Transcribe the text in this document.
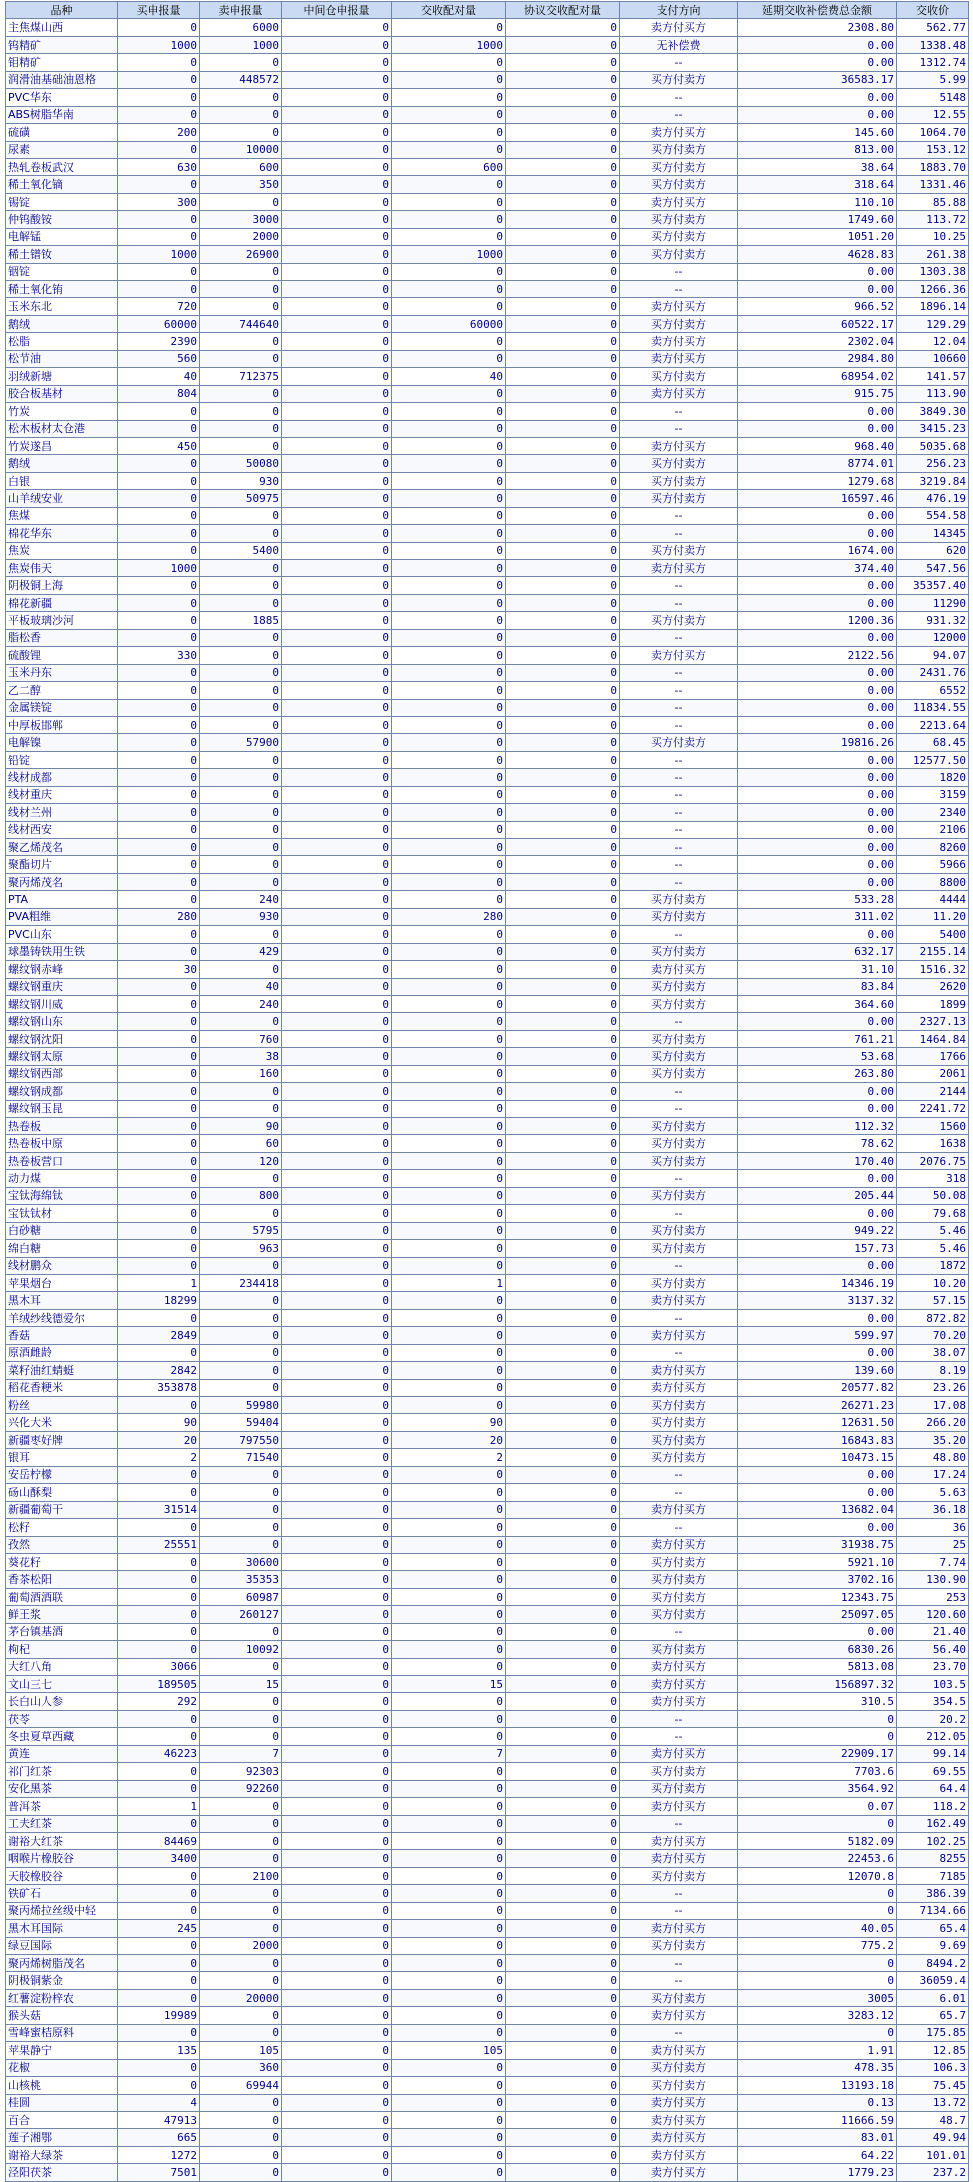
品种	买申报量	卖申报量	中间仓申报量	交收配对量	协议交收配对量	支付方向	延期交收补偿费总金额	交收价
主焦煤山西	0	6000	0	0	0	卖方付买方	2308.80	562.77
钨精矿	1000	1000	0	1000	0	无补偿费	0.00	1338.48
钼精矿	0	0	0	0	0	--	0.00	1312.74
润滑油基础油恩格	0	448572	0	0	0	买方付卖方	36583.17	5.99
PVC华东	0	0	0	0	0	--	0.00	5148
ABS树脂华南	0	0	0	0	0	--	0.00	12.55
硫磺	200	0	0	0	0	卖方付买方	145.60	1064.70
尿素	0	10000	0	0	0	买方付卖方	813.00	153.12
热轧卷板武汉	630	600	0	600	0	买方付卖方	38.64	1883.70
稀土氧化镝	0	350	0	0	0	买方付卖方	318.64	1331.46
锡锭	300	0	0	0	0	卖方付买方	110.10	85.88
仲钨酸铵	0	3000	0	0	0	买方付卖方	1749.60	113.72
电解锰	0	2000	0	0	0	买方付卖方	1051.20	10.25
稀土镨钕	1000	26900	0	1000	0	买方付卖方	4628.83	261.38
铟锭	0	0	0	0	0	--	0.00	1303.38
稀土氧化铕	0	0	0	0	0	--	0.00	1266.36
玉米东北	720	0	0	0	0	卖方付买方	966.52	1896.14
鹅绒	60000	744640	0	60000	0	买方付卖方	60522.17	129.29
松脂	2390	0	0	0	0	卖方付买方	2302.04	12.04
松节油	560	0	0	0	0	卖方付买方	2984.80	10660
羽绒新塘	40	712375	0	40	0	买方付卖方	68954.02	141.57
胶合板基材	804	0	0	0	0	卖方付买方	915.75	113.90
竹炭	0	0	0	0	0	--	0.00	3849.30
松木板材太仓港	0	0	0	0	0	--	0.00	3415.23
竹炭遂昌	450	0	0	0	0	卖方付买方	968.40	5035.68
鹅绒	0	50080	0	0	0	买方付卖方	8774.01	256.23
白银	0	930	0	0	0	买方付卖方	1279.68	3219.84
山羊绒安业	0	50975	0	0	0	买方付卖方	16597.46	476.19
焦煤	0	0	0	0	0	--	0.00	554.58
棉花华东	0	0	0	0	0	--	0.00	14345
焦炭	0	5400	0	0	0	买方付卖方	1674.00	620
焦炭伟天	1000	0	0	0	0	卖方付买方	374.40	547.56
阴极铜上海	0	0	0	0	0	--	0.00	35357.40
棉花新疆	0	0	0	0	0	--	0.00	11290
平板玻璃沙河	0	1885	0	0	0	买方付卖方	1200.36	931.32
脂松香	0	0	0	0	0	--	0.00	12000
硫酸锂	330	0	0	0	0	卖方付买方	2122.56	94.07
玉米丹东	0	0	0	0	0	--	0.00	2431.76
乙二醇	0	0	0	0	0	--	0.00	6552
金属镁锭	0	0	0	0	0	--	0.00	11834.55
中厚板邯郸	0	0	0	0	0	--	0.00	2213.64
电解镍	0	57900	0	0	0	买方付卖方	19816.26	68.45
铅锭	0	0	0	0	0	--	0.00	12577.50
线材成都	0	0	0	0	0	--	0.00	1820
线材重庆	0	0	0	0	0	--	0.00	3159
线材兰州	0	0	0	0	0	--	0.00	2340
线材西安	0	0	0	0	0	--	0.00	2106
聚乙烯茂名	0	0	0	0	0	--	0.00	8260
聚酯切片	0	0	0	0	0	--	0.00	5966
聚丙烯茂名	0	0	0	0	0	--	0.00	8800
PTA	0	240	0	0	0	买方付卖方	533.28	4444
PVA粗维	280	930	0	280	0	买方付卖方	311.02	11.20
PVC山东	0	0	0	0	0	--	0.00	5400
球墨铸铁用生铁	0	429	0	0	0	买方付卖方	632.17	2155.14
螺纹钢赤峰	30	0	0	0	0	卖方付买方	31.10	1516.32
螺纹钢重庆	0	40	0	0	0	买方付卖方	83.84	2620
螺纹钢川威	0	240	0	0	0	买方付卖方	364.60	1899
螺纹钢山东	0	0	0	0	0	--	0.00	2327.13
螺纹钢沈阳	0	760	0	0	0	买方付卖方	761.21	1464.84
螺纹钢太原	0	38	0	0	0	买方付卖方	53.68	1766
螺纹钢西部	0	160	0	0	0	买方付卖方	263.80	2061
螺纹钢成都	0	0	0	0	0	--	0.00	2144
螺纹钢玉昆	0	0	0	0	0	--	0.00	2241.72
热卷板	0	90	0	0	0	买方付卖方	112.32	1560
热卷板中原	0	60	0	0	0	买方付卖方	78.62	1638
热卷板营口	0	120	0	0	0	买方付卖方	170.40	2076.75
动力煤	0	0	0	0	0	--	0.00	318
宝钛海绵钛	0	800	0	0	0	买方付卖方	205.44	50.08
宝钛钛材	0	0	0	0	0	--	0.00	79.68
白砂糖	0	5795	0	0	0	买方付卖方	949.22	5.46
绵白糖	0	963	0	0	0	买方付卖方	157.73	5.46
线材鹏众	0	0	0	0	0	--	0.00	1872
苹果烟台	1	234418	0	1	0	买方付卖方	14346.19	10.20
黑木耳	18299	0	0	0	0	卖方付买方	3137.32	57.15
羊绒纱线德爱尔	0	0	0	0	0	--	0.00	872.82
香菇	2849	0	0	0	0	卖方付买方	599.97	70.20
原酒雌龄	0	0	0	0	0	--	0.00	38.07
菜籽油红蜻蜓	2842	0	0	0	0	卖方付买方	139.60	8.19
稻花香粳米	353878	0	0	0	0	卖方付买方	20577.82	23.26
粉丝	0	59980	0	0	0	买方付卖方	26271.23	17.08
兴化大米	90	59404	0	90	0	买方付卖方	12631.50	266.20
新疆枣好牌	20	797550	0	20	0	买方付卖方	16843.83	35.20
银耳	2	71540	0	2	0	买方付卖方	10473.15	48.80
安岳柠檬	0	0	0	0	0	--	0.00	17.24
砀山酥梨	0	0	0	0	0	--	0.00	5.63
新疆葡萄干	31514	0	0	0	0	卖方付买方	13682.04	36.18
松籽	0	0	0	0	0	--	0.00	36
孜然	25551	0	0	0	0	卖方付买方	31938.75	25
葵花籽	0	30600	0	0	0	买方付卖方	5921.10	7.74
香茶松阳	0	35353	0	0	0	买方付卖方	3702.16	130.90
葡萄酒酒联	0	60987	0	0	0	买方付卖方	12343.75	253
鲜王浆	0	260127	0	0	0	买方付卖方	25097.05	120.60
茅台镇基酒	0	0	0	0	0	--	0.00	21.40
枸杞	0	10092	0	0	0	买方付卖方	6830.26	56.40
大红八角	3066	0	0	0	0	卖方付买方	5813.08	23.70
文山三七	189505	15	0	15	0	卖方付买方	156897.32	103.5
长白山人参	292	0	0	0	0	卖方付买方	310.5	354.5
茯苓	0	0	0	0	0	--	0	20.2
冬虫夏草西藏	0	0	0	0	0	--	0	212.05
黄连	46223	7	0	7	0	卖方付买方	22909.17	99.14
祁门红茶	0	92303	0	0	0	买方付卖方	7703.6	69.55
安化黑茶	0	92260	0	0	0	买方付卖方	3564.92	64.4
普洱茶	1	0	0	0	0	卖方付买方	0.07	118.2
工夫红茶	0	0	0	0	0	--	0	162.49
谢裕大红茶	84469	0	0	0	0	卖方付买方	5182.09	102.25
咽喉片橡胶谷	3400	0	0	0	0	卖方付买方	22453.6	8255
天胶橡胶谷	0	2100	0	0	0	买方付卖方	12070.8	7185
铁矿石	0	0	0	0	0	--	0	386.39
聚丙烯拉丝级中轻	0	0	0	0	0	--	0	7134.66
黑木耳国际	245	0	0	0	0	卖方付买方	40.05	65.4
绿豆国际	0	2000	0	0	0	买方付卖方	775.2	9.69
聚丙烯树脂茂名	0	0	0	0	0	--	0	8494.2
阴极铜紫金	0	0	0	0	0	--	0	36059.4
红薯淀粉梓农	0	20000	0	0	0	买方付卖方	3005	6.01
猴头菇	19989	0	0	0	0	卖方付买方	3283.12	65.7
雪峰蜜桔原料	0	0	0	0	0	--	0	175.85
苹果静宁	135	105	0	105	0	卖方付买方	1.91	12.85
花椒	0	360	0	0	0	买方付卖方	478.35	106.3
山核桃	0	69944	0	0	0	买方付卖方	13193.18	75.45
桂圆	4	0	0	0	0	卖方付买方	0.13	13.72
百合	47913	0	0	0	0	卖方付买方	11666.59	48.7
莲子湘鄂	665	0	0	0	0	卖方付买方	83.01	49.94
谢裕大绿茶	1272	0	0	0	0	卖方付买方	64.22	101.01
泾阳茯茶	7501	0	0	0	0	卖方付买方	1779.23	237.2
